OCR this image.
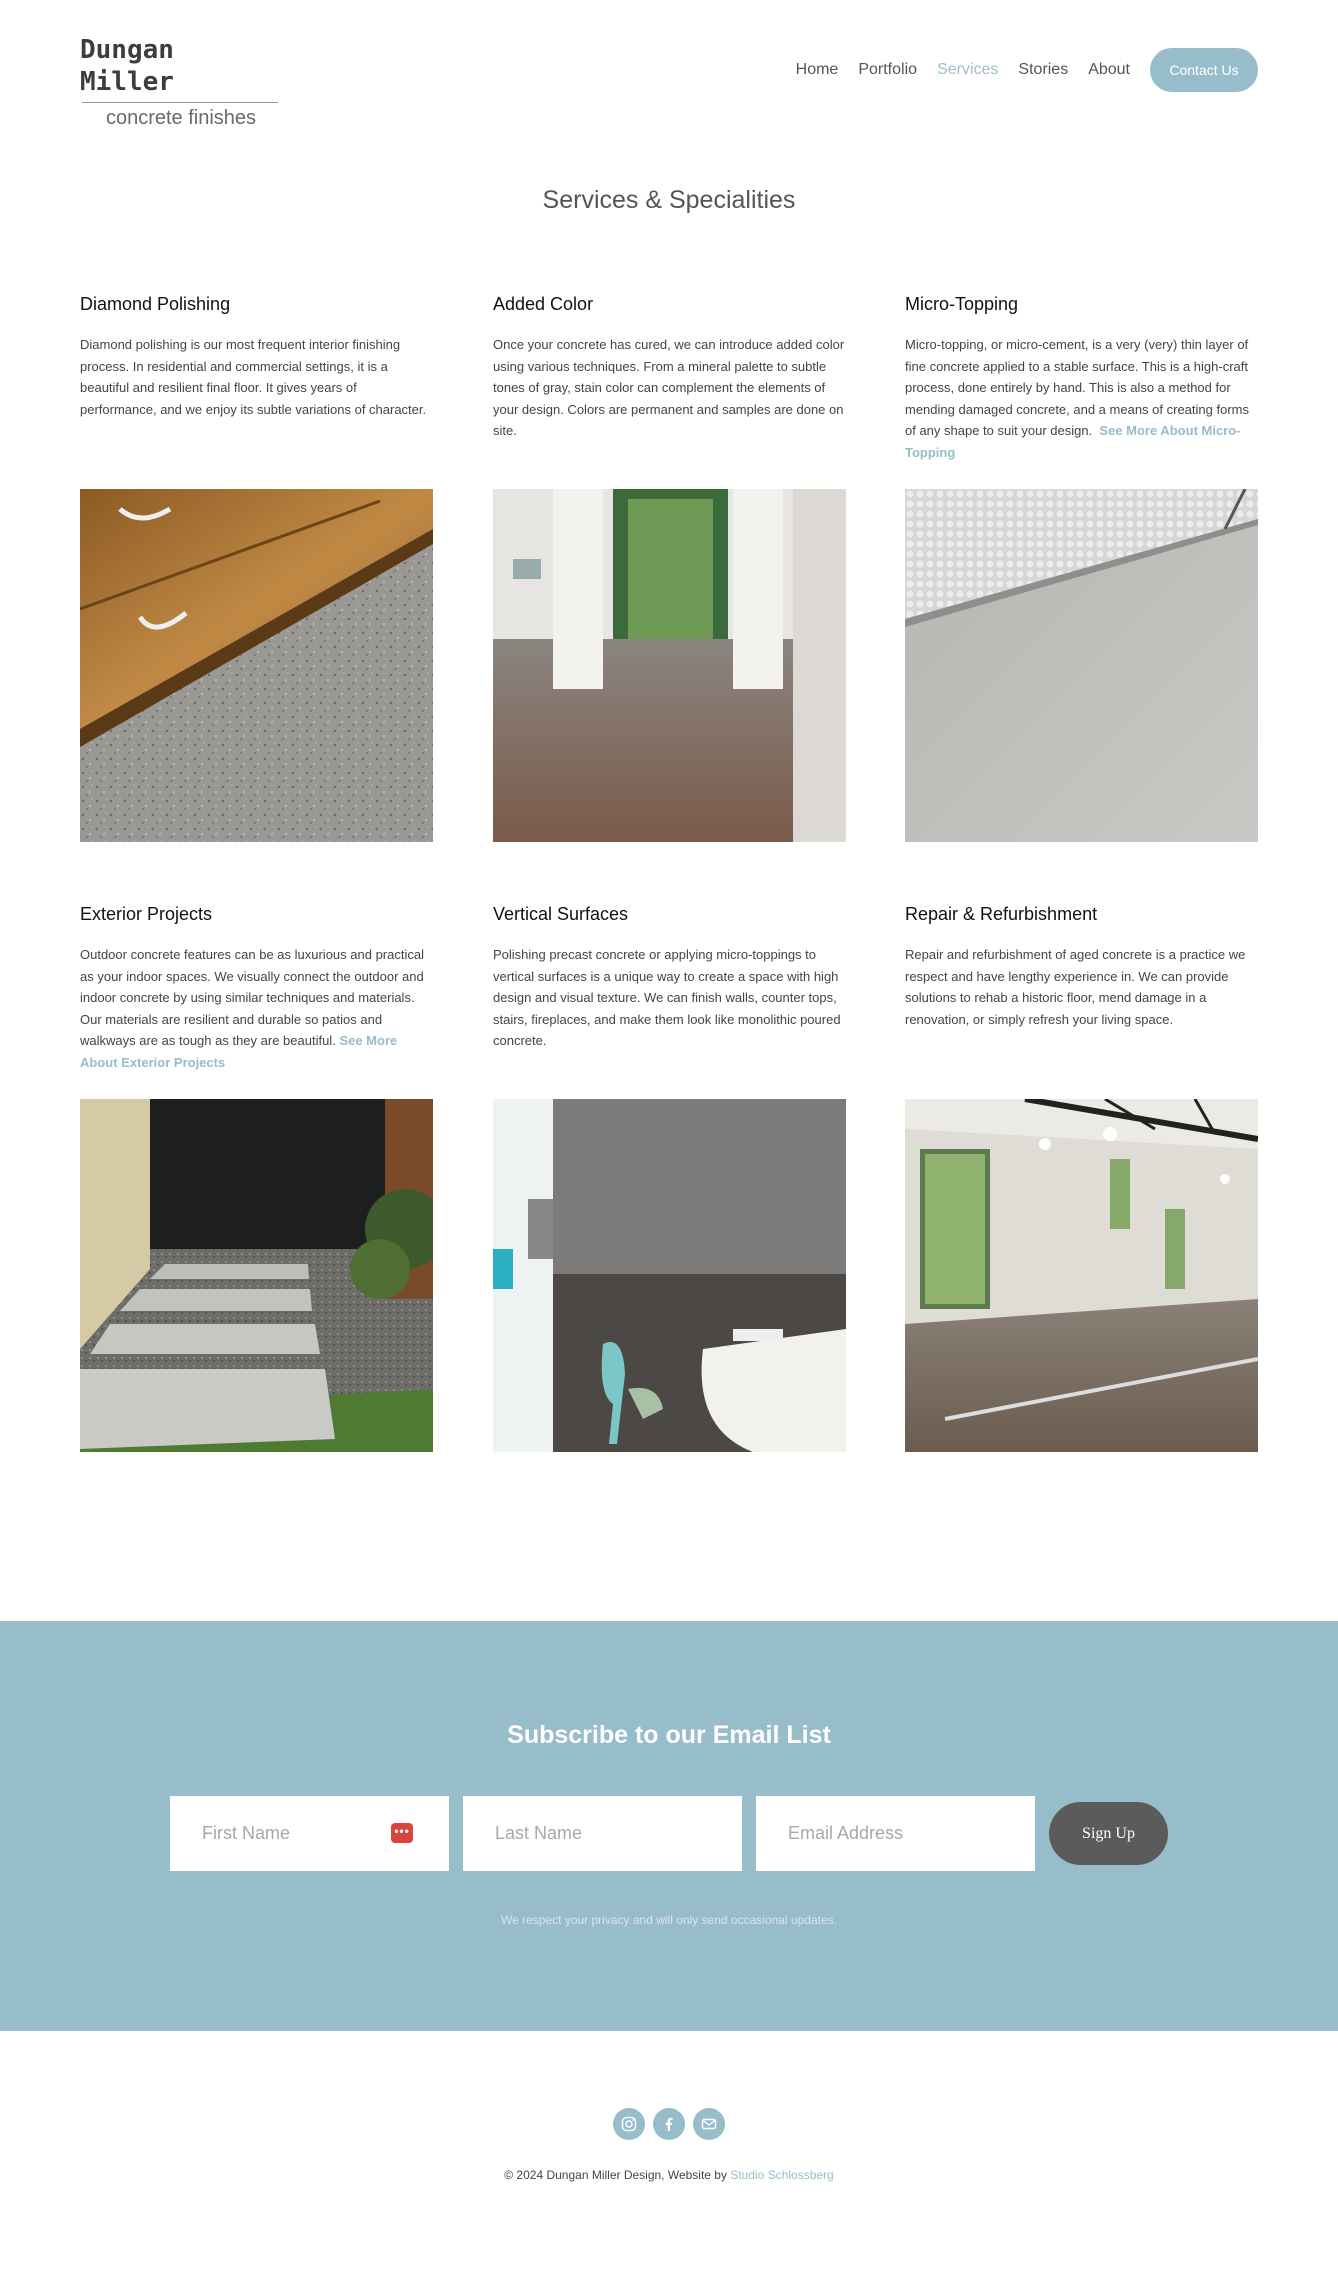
Dungan Miller
concrete finishes
Home Portfolio Services Stories About	Contact Us
Services & Specialities
Diamond Polishing

Diamond polishing is our most frequent interior finishing process. In residential and commercial settings, it is a beautiful and resilient final floor. It gives years of performance, and we enjoy its subtle variations of character.

Added Color

Once your concrete has cured, we can introduce added color using various techniques. From a mineral palette to subtle tones of gray, stain color can complement the elements of your design. Colors are permanent and samples are done on site.

Micro-Topping

Micro-topping, or micro-cement, is a very (very) thin layer of fine concrete applied to a stable surface. This is a high-craft process, done entirely by hand. This is also a method for mending damaged concrete, and a means of creating forms of any shape to suit your design. See More About Micro-Topping

Exterior Projects

Outdoor concrete features can be as luxurious and practical as your indoor spaces. We visually connect the outdoor and indoor concrete by using similar techniques and materials. Our materials are resilient and durable so patios and walkways are as tough as they are beautiful. See More About Exterior Projects

Vertical Surfaces

Polishing precast concrete or applying micro-toppings to vertical surfaces is a unique way to create a space with high design and visual texture. We can finish walls, counter tops, stairs, fireplaces, and make them look like monolithic poured concrete.

Repair & Refurbishment

Repair and refurbishment of aged concrete is a practice we respect and have lengthy experience in. We can provide solutions to rehab a historic floor, mend damage in a renovation, or simply refresh your living space.

Subscribe to our Email List
First Name
•••
Last Name
Email Address	Sign Up
We respect your privacy and will only send occasional updates.
© 2024 Dungan Miller Design, Website by Studio Schlossberg
